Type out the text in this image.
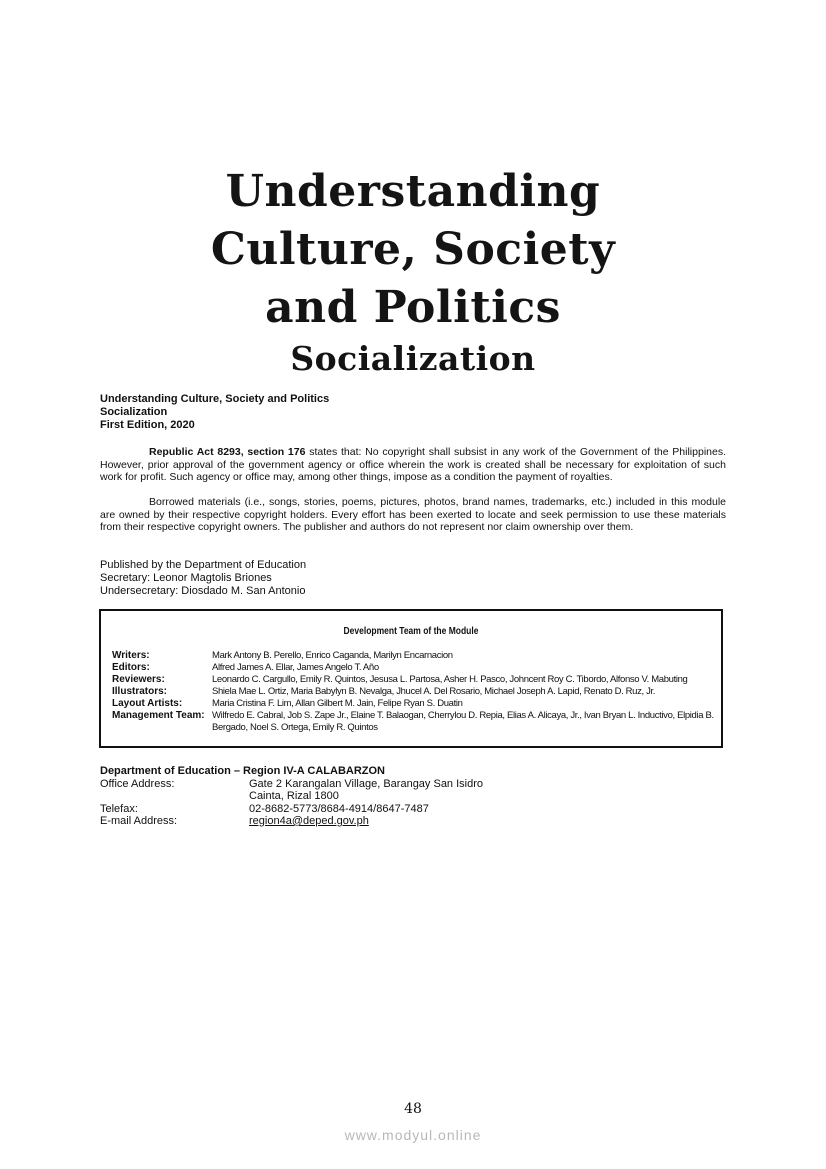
Understanding
Culture, Society
and Politics
Socialization
Understanding Culture, Society and Politics
Socialization
First Edition, 2020
Republic Act 8293, section 176 states that: No copyright shall subsist in any work of the Government of the Philippines. However, prior approval of the government agency or office wherein the work is created shall be necessary for exploitation of such work for profit. Such agency or office may, among other things, impose as a condition the payment of royalties.
Borrowed materials (i.e., songs, stories, poems, pictures, photos, brand names, trademarks, etc.) included in this module are owned by their respective copyright holders. Every effort has been exerted to locate and seek permission to use these materials from their respective copyright owners. The publisher and authors do not represent nor claim ownership over them.
Published by the Department of Education
Secretary: Leonor Magtolis Briones
Undersecretary: Diosdado M. San Antonio
Development Team of the Module
Writers:	Mark Antony B. Perello, Enrico Caganda, Marilyn Encarnacion
Editors:	Alfred James A. Ellar, James Angelo T. Año
Reviewers:	Leonardo C. Cargullo, Emily R. Quintos, Jesusa L. Partosa, Asher H. Pasco, Johncent Roy C. Tibordo, Alfonso V. Mabuting
Illustrators:	Shiela Mae L. Ortiz, Maria Babylyn B. Nevalga, Jhucel A. Del Rosario, Michael Joseph A. Lapid, Renato D. Ruz, Jr.
Layout Artists:	Maria Cristina F. Lim, Allan Gilbert M. Jain, Felipe Ryan S. Duatin
Management Team: Wilfredo E. Cabral, Job S. Zape Jr., Elaine T. Balaogan, Cherrylou D. Repia, Elias A. Alicaya, Jr., Ivan Bryan L. Inductivo, Elpidia B. Bergado, Noel S. Ortega, Emily R. Quintos
Department of Education – Region IV-A CALABARZON
Office Address:	Gate 2 Karangalan Village, Barangay San Isidro
Cainta, Rizal 1800
Telefax:	02-8682-5773/8684-4914/8647-7487
E-mail Address:	region4a@deped.gov.ph
48
www.modyul.online
